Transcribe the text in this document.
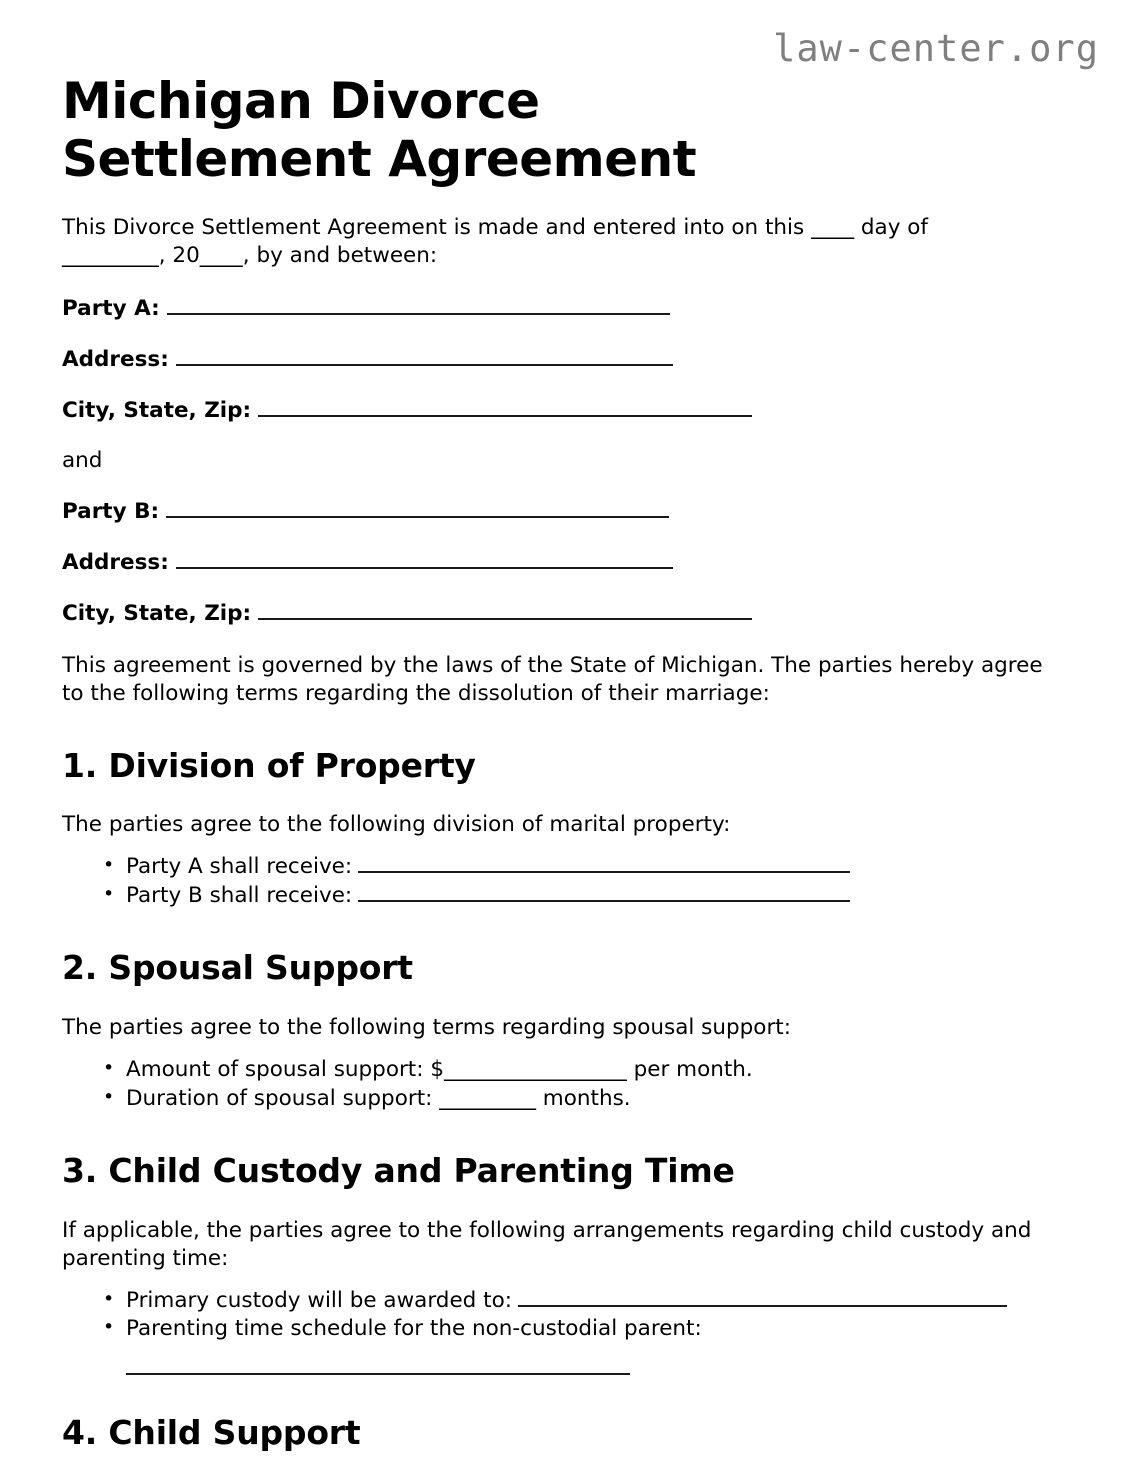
law-center.org
Michigan Divorce Settlement Agreement

This Divorce Settlement Agreement is made and entered into on this ____ day of _________, 20____, by and between:

Party A:
Address:
City, State, Zip:
and
Party B:
Address:
City, State, Zip:

This agreement is governed by the laws of the State of Michigan. The parties hereby agree to the following terms regarding the dissolution of their marriage:

1. Division of Property

The parties agree to the following division of marital property:

• Party A shall receive:
• Party B shall receive:
2. Spousal Support

The parties agree to the following terms regarding spousal support:

• Amount of spousal support: $_________________ per month.
• Duration of spousal support: _________ months.
3. Child Custody and Parenting Time

If applicable, the parties agree to the following arrangements regarding child custody and parenting time:

• Primary custody will be awarded to:
• Parenting time schedule for the non-custodial parent:
4. Child Support
